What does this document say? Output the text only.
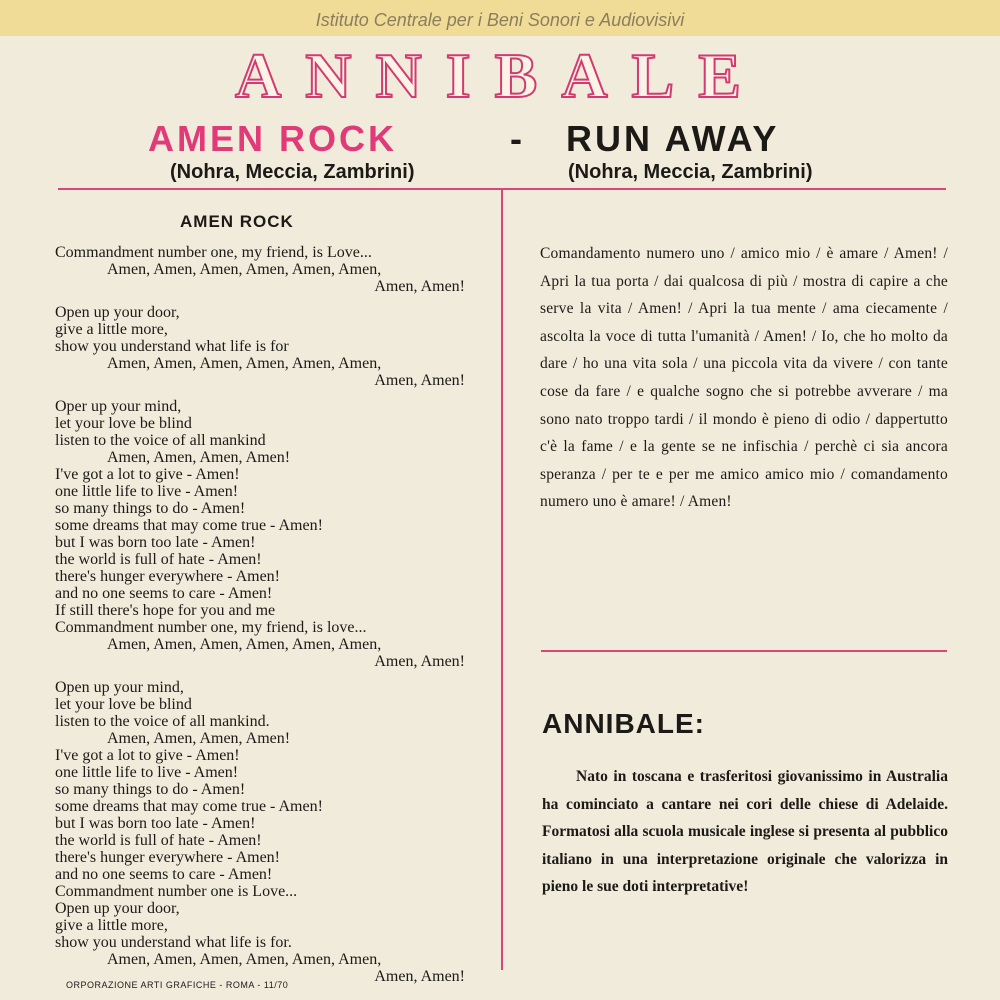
Istituto Centrale per i Beni Sonori e Audiovisivi
ANNIBALE
AMEN ROCK	- RUN AWAY
(Nohra, Meccia, Zambrini)	(Nohra, Meccia, Zambrini)
AMEN ROCK
Commandment number one, my friend, is Love...
Amen, Amen, Amen, Amen, Amen, Amen,
Amen, Amen!
Open up your door,
give a little more,
show you understand what life is for
Amen, Amen, Amen, Amen, Amen, Amen,
Amen, Amen!
Oper up your mind,
let your love be blind
listen to the voice of all mankind
Amen, Amen, Amen, Amen!
I've got a lot to give - Amen!
one little life to live - Amen!
so many things to do - Amen!
some dreams that may come true - Amen!
but I was born too late - Amen!
the world is full of hate - Amen!
there's hunger everywhere - Amen!
and no one seems to care - Amen!
If still there's hope for you and me
Commandment number one, my friend, is love...
Amen, Amen, Amen, Amen, Amen, Amen,
Amen, Amen!
Open up your mind,
let your love be blind
listen to the voice of all mankind.
Amen, Amen, Amen, Amen!
I've got a lot to give - Amen!
one little life to live - Amen!
so many things to do - Amen!
some dreams that may come true - Amen!
but I was born too late - Amen!
the world is full of hate - Amen!
there's hunger everywhere - Amen!
and no one seems to care - Amen!
Commandment number one is Love...
Open up your door,
give a little more,
show you understand what life is for.
Amen, Amen, Amen, Amen, Amen, Amen,
Amen, Amen!
Comandamento numero uno / amico mio / è amare / Amen! / Apri la tua porta / dai qualcosa di più / mostra di capire a che serve la vita / Amen! / Apri la tua mente / ama ciecamente / ascolta la voce di tutta l'umanità / Amen! / Io, che ho molto da dare / ho una vita sola / una piccola vita da vivere / con tante cose da fare / e qualche sogno che si potrebbe avverare / ma sono nato troppo tardi / il mondo è pieno di odio / dappertutto c'è la fame / e la gente se ne infischia / perchè ci sia ancora speranza / per te e per me amico amico mio / comandamento numero uno è amare! / Amen!
ANNIBALE:
Nato in toscana e trasferitosi giovanissimo in Australia ha cominciato a cantare nei cori delle chiese di Adelaide. Formatosi alla scuola musicale inglese si presenta al pubblico italiano in una interpretazione originale che valorizza in pieno le sue doti interpretative!
ORPORAZIONE ARTI GRAFICHE - ROMA - 11/70
